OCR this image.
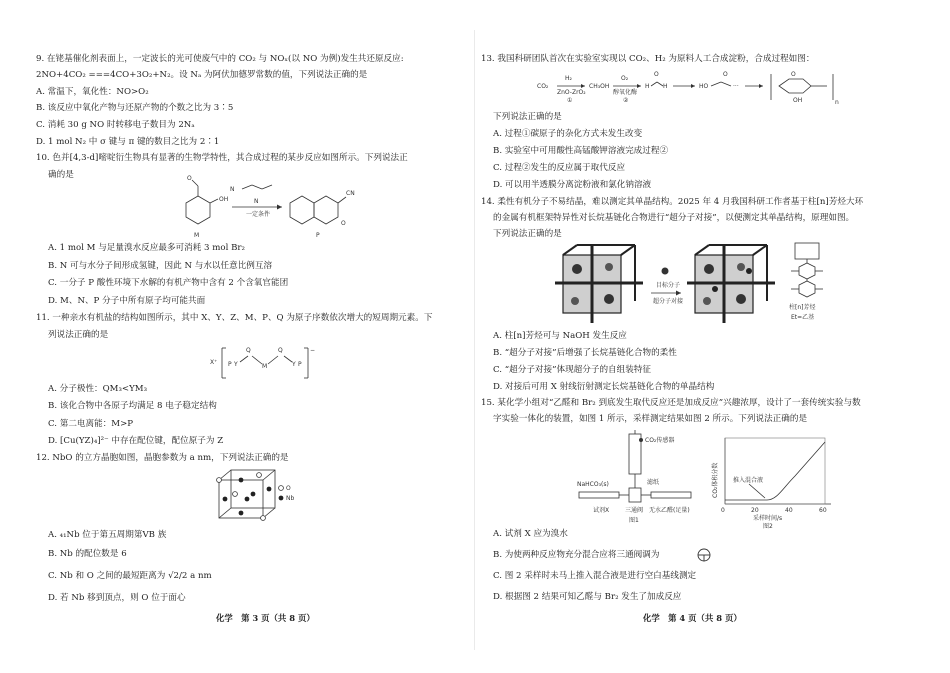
9. 在铑基催化剂表面上，一定波长的光可使废气中的 CO₂ 与 NOₓ(以 NO 为例)发生共还原反应:
2NO+4CO₂ ===4CO+3O₂+N₂。设 Nₐ 为阿伏加德罗常数的值，下列说法正确的是
A. 常温下，氧化性：NO>O₂
B. 该反应中氧化产物与还原产物的个数之比为 3∶5
C. 消耗 30 g NO 时转移电子数目为 2Nₐ
D. 1 mol N₂ 中 σ 键与 π 键的数目之比为 2∶1
10. 色并[4,3-d]嘧啶衍生物具有显著的生物学特性，其合成过程的某步反应如图所示。下列说法正
确的是	O
OH
M
N
N
一定条件
CN
O
P
A. 1 mol M 与足量溴水反应最多可消耗 3 mol Br₂
B. N 可与水分子间形成氢键，因此 N 与水以任意比例互溶
C. 一分子 P 酸性环境下水解的有机产物中含有 2 个含氧官能团
D. M、N、P 分子中所有原子均可能共面
11. 一种亲水有机盐的结构如图所示，其中 X、Y、Z、M、P、Q 为原子序数依次增大的短周期元素。下
列说法正确的是
X⁺ P Y
Q
M
Q
Y P
−
A. 分子极性：QM₃<YM₃
B. 该化合物中各原子均满足 8 电子稳定结构
C. 第二电离能：M>P
D. [Cu(YZ)₄]²⁻ 中存在配位键，配位原子为 Z
12. NbO 的立方晶胞如图，晶胞参数为 a nm，下列说法正确的是
O
Nb
A. ₄₁Nb 位于第五周期第ⅤB 族
B. Nb 的配位数是 6
C. Nb 和 O 之间的最短距离为 √2/2 a nm
D. 若 Nb 移到顶点，则 O 位于面心
化学　第 3 页（共 8 页）
13. 我国科研团队首次在实验室实现以 CO₂、H₂ 为原料人工合成淀粉，合成过程如图：
CO₂
H₂
ZnO-ZrO₂
①
CH₃OH
O₂
醇氧化酶
②
H
O
H	HO
O
···
O
OH	n
下列说法正确的是
A. 过程①碳原子的杂化方式未发生改变
B. 实验室中可用酸性高锰酸钾溶液完成过程②
C. 过程②发生的反应属于取代反应
D. 可以用半透膜分离淀粉液和氯化钠溶液
14. 柔性有机分子不易结晶，难以测定其单晶结构。2025 年 4 月我国科研工作者基于柱[n]芳烃大环
的金属有机框架特异性对长烷基链化合物进行“超分子对接”，以便测定其单晶结构，原理如图。
下列说法正确的是
目标分子
超分子对接
柱[n]芳烃
Et=乙基
A. 柱[n]芳烃可与 NaOH 发生反应
B. “超分子对接”后增强了长烷基链化合物的柔性
C. “超分子对接”体现超分子的自组装特征
D. 对接后可用 X 射线衍射测定长烷基链化合物的单晶结构
15. 某化学小组对“乙醛和 Br₂ 到底发生取代反应还是加成反应”兴趣浓厚，设计了一套传统实验与数
字实验一体化的装置，如图 1 所示，采样测定结果如图 2 所示。下列说法正确的是
CO₂传感器
NaHCO₃(s)	滤纸
试剂X	三通阀 无水乙醛(足量)
图1
CO₂体积分数 推入混合液
0	20	40	60
采样时间/s
图2
A. 试剂 X 应为溴水
B. 为使两种反应物充分混合应将三通阀调为
C. 图 2 采样时未马上推入混合液是进行空白基线测定
D. 根据图 2 结果可知乙醛与 Br₂ 发生了加成反应
化学　第 4 页（共 8 页）
